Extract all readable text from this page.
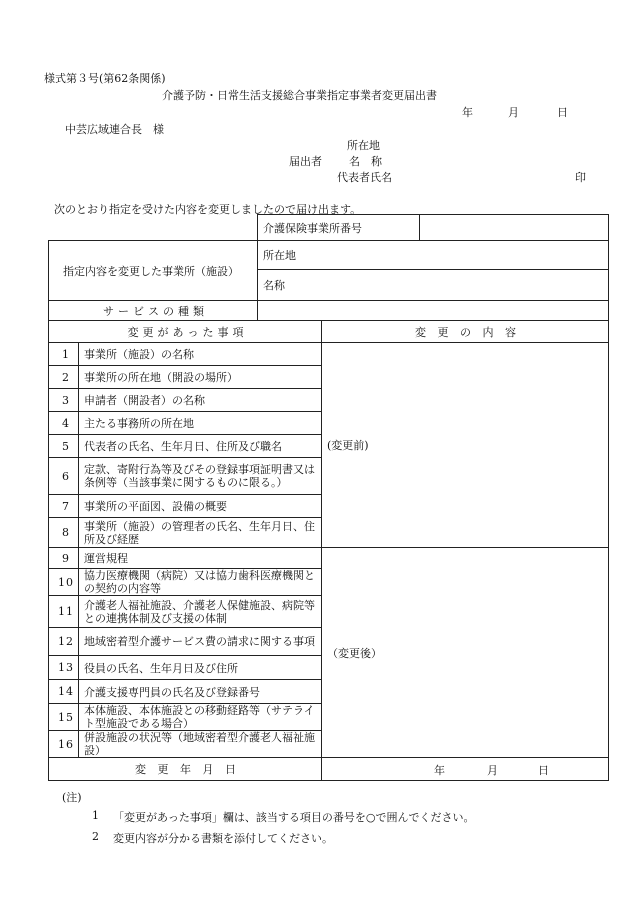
様式第３号(第62条関係)
介護予防・日常生活支援総合事業指定事業者変更届出書
年	月	日
中芸広域連合長　様
所在地
届出者 名　称
代表者氏名	印
次のとおり指定を受けた内容を変更しましたので届け出ます。
	介護保険事業所番号	
指定内容を変更した事業所（施設）	所在地	
	名称	
サービスの種類		
変更があった事項		変 更 の 内 容
1	事業所（施設）の名称	(変更前)
2	事業所の所在地（開設の場所）	
3	申請者（開設者）の名称	
4	主たる事務所の所在地	
5	代表者の氏名、生年月日、住所及び職名	
6	定款、寄附行為等及びその登録事項証明書又は条例等（当該事業に関するものに限る。）	
7	事業所の平面図、設備の概要	
8	事業所（施設）の管理者の氏名、生年月日、住所及び経歴	
9	運営規程	（変更後）
10	協力医療機関（病院）又は協力歯科医療機関との契約の内容等	
11	介護老人福祉施設、介護老人保健施設、病院等との連携体制及び支援の体制	
12	地域密着型介護サービス費の請求に関する事項	
13	役員の氏名、生年月日及び住所	
14	介護支援専門員の氏名及び登録番号	
15	本体施設、本体施設との移動経路等（サテライト型施設である場合）	
16	併設施設の状況等（地域密着型介護老人福祉施設）	
変 更 年 月 日		年 月 日
(注)
1 「変更があった事項」欄は、該当する項目の番号を○で囲んでください。
2 変更内容が分かる書類を添付してください。
